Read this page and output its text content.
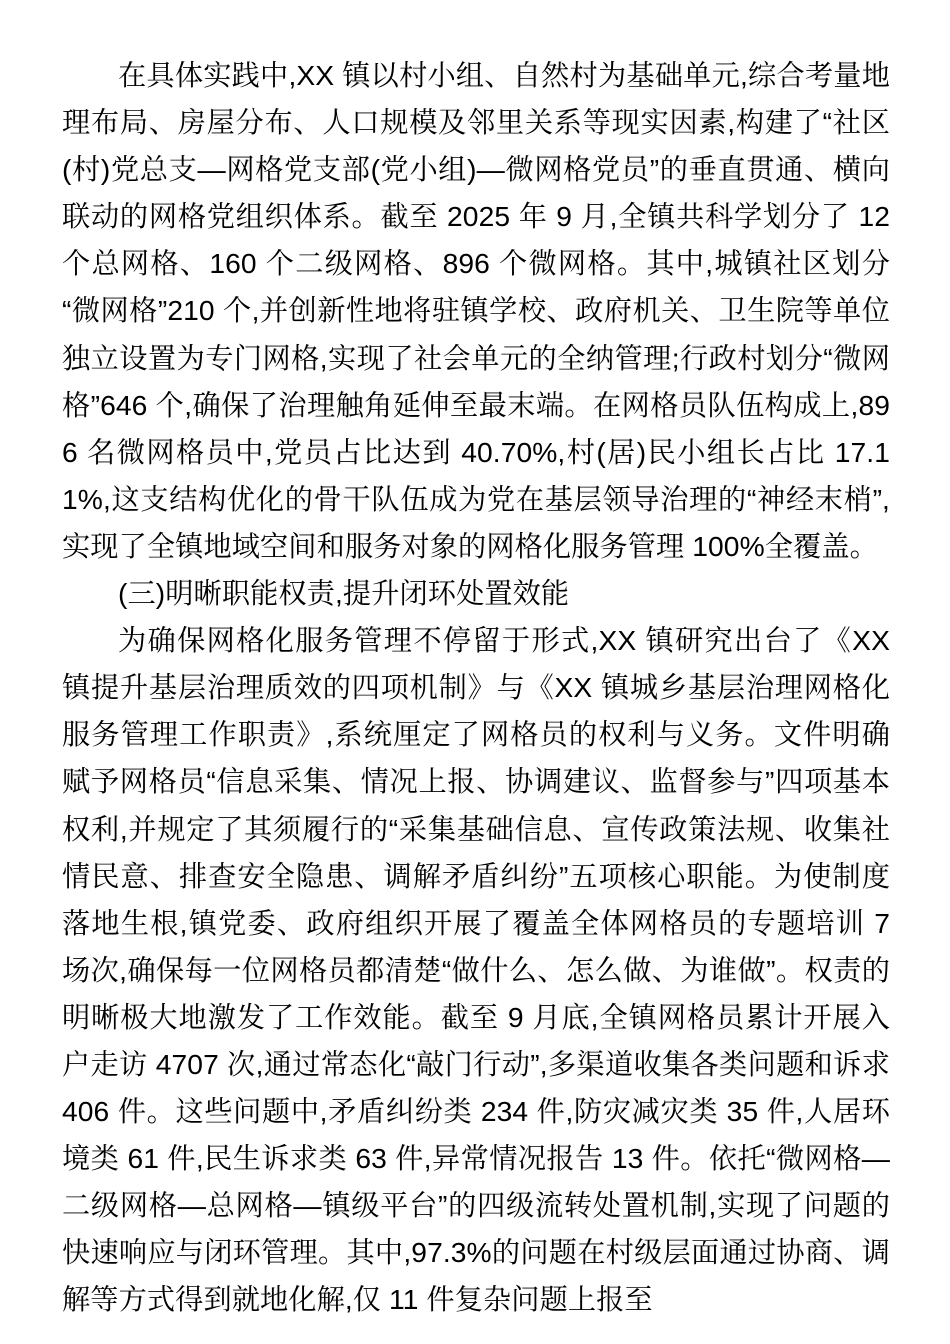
在具体实践中,XX 镇以村小组、自然村为基础单元,综合考量地理布局、房屋分布、人口规模及邻里关系等现实因素,构建了“社区(村)党总支—网格党支部(党小组)—微网格党员”的垂直贯通、横向联动的网格党组织体系。截至 2025 年 9 月,全镇共科学划分了 12 个总网格、160 个二级网格、896 个微网格。其中,城镇社区划分“微网格”210 个,并创新性地将驻镇学校、政府机关、卫生院等单位独立设置为专门网格,实现了社会单元的全纳管理;行政村划分“微网格”646 个,确保了治理触角延伸至最末端。在网格员队伍构成上,896 名微网格员中,党员占比达到 40.70%,村(居)民小组长占比 17.11%,这支结构优化的骨干队伍成为党在基层领导治理的“神经末梢”,实现了全镇地域空间和服务对象的网格化服务管理 100%全覆盖。

(三)明晰职能权责,提升闭环处置效能

为确保网格化服务管理不停留于形式,XX 镇研究出台了《XX 镇提升基层治理质效的四项机制》与《XX 镇城乡基层治理网格化服务管理工作职责》,系统厘定了网格员的权利与义务。文件明确赋予网格员“信息采集、情况上报、协调建议、监督参与”四项基本权利,并规定了其须履行的“采集基础信息、宣传政策法规、收集社情民意、排查安全隐患、调解矛盾纠纷”五项核心职能。为使制度落地生根,镇党委、政府组织开展了覆盖全体网格员的专题培训 7 场次,确保每一位网格员都清楚“做什么、怎么做、为谁做”。权责的明晰极大地激发了工作效能。截至 9 月底,全镇网格员累计开展入户走访 4707 次,通过常态化“敲门行动”,多渠道收集各类问题和诉求 406 件。这些问题中,矛盾纠纷类 234 件,防灾减灾类 35 件,人居环境类 61 件,民生诉求类 63 件,异常情况报告 13 件。依托“微网格—二级网格—总网格—镇级平台”的四级流转处置机制,实现了问题的快速响应与闭环管理。其中,97.3%的问题在村级层面通过协商、调解等方式得到就地化解,仅 11 件复杂问题上报至
